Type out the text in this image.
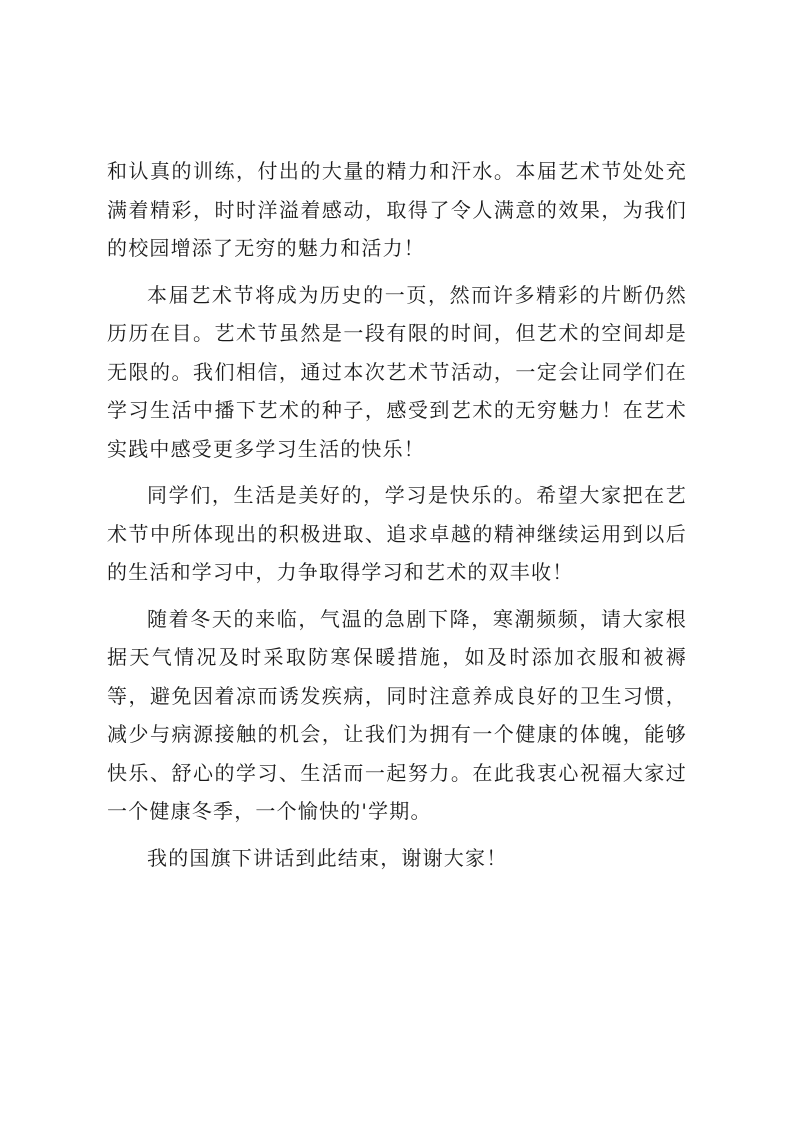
和认真的训练，付出的大量的精力和汗水。本届艺术节处处充满着精彩，时时洋溢着感动，取得了令人满意的效果，为我们的校园增添了无穷的魅力和活力！

本届艺术节将成为历史的一页，然而许多精彩的片断仍然历历在目。艺术节虽然是一段有限的时间，但艺术的空间却是无限的。我们相信，通过本次艺术节活动，一定会让同学们在学习生活中播下艺术的种子，感受到艺术的无穷魅力！在艺术实践中感受更多学习生活的快乐！

同学们，生活是美好的，学习是快乐的。希望大家把在艺术节中所体现出的积极进取、追求卓越的精神继续运用到以后的生活和学习中，力争取得学习和艺术的双丰收！

随着冬天的来临，气温的急剧下降，寒潮频频，请大家根据天气情况及时采取防寒保暖措施，如及时添加衣服和被褥等，避免因着凉而诱发疾病，同时注意养成良好的卫生习惯，减少与病源接触的机会，让我们为拥有一个健康的体魄，能够快乐、舒心的学习、生活而一起努力。在此我衷心祝福大家过一个健康冬季，一个愉快的'学期。

我的国旗下讲话到此结束，谢谢大家！
